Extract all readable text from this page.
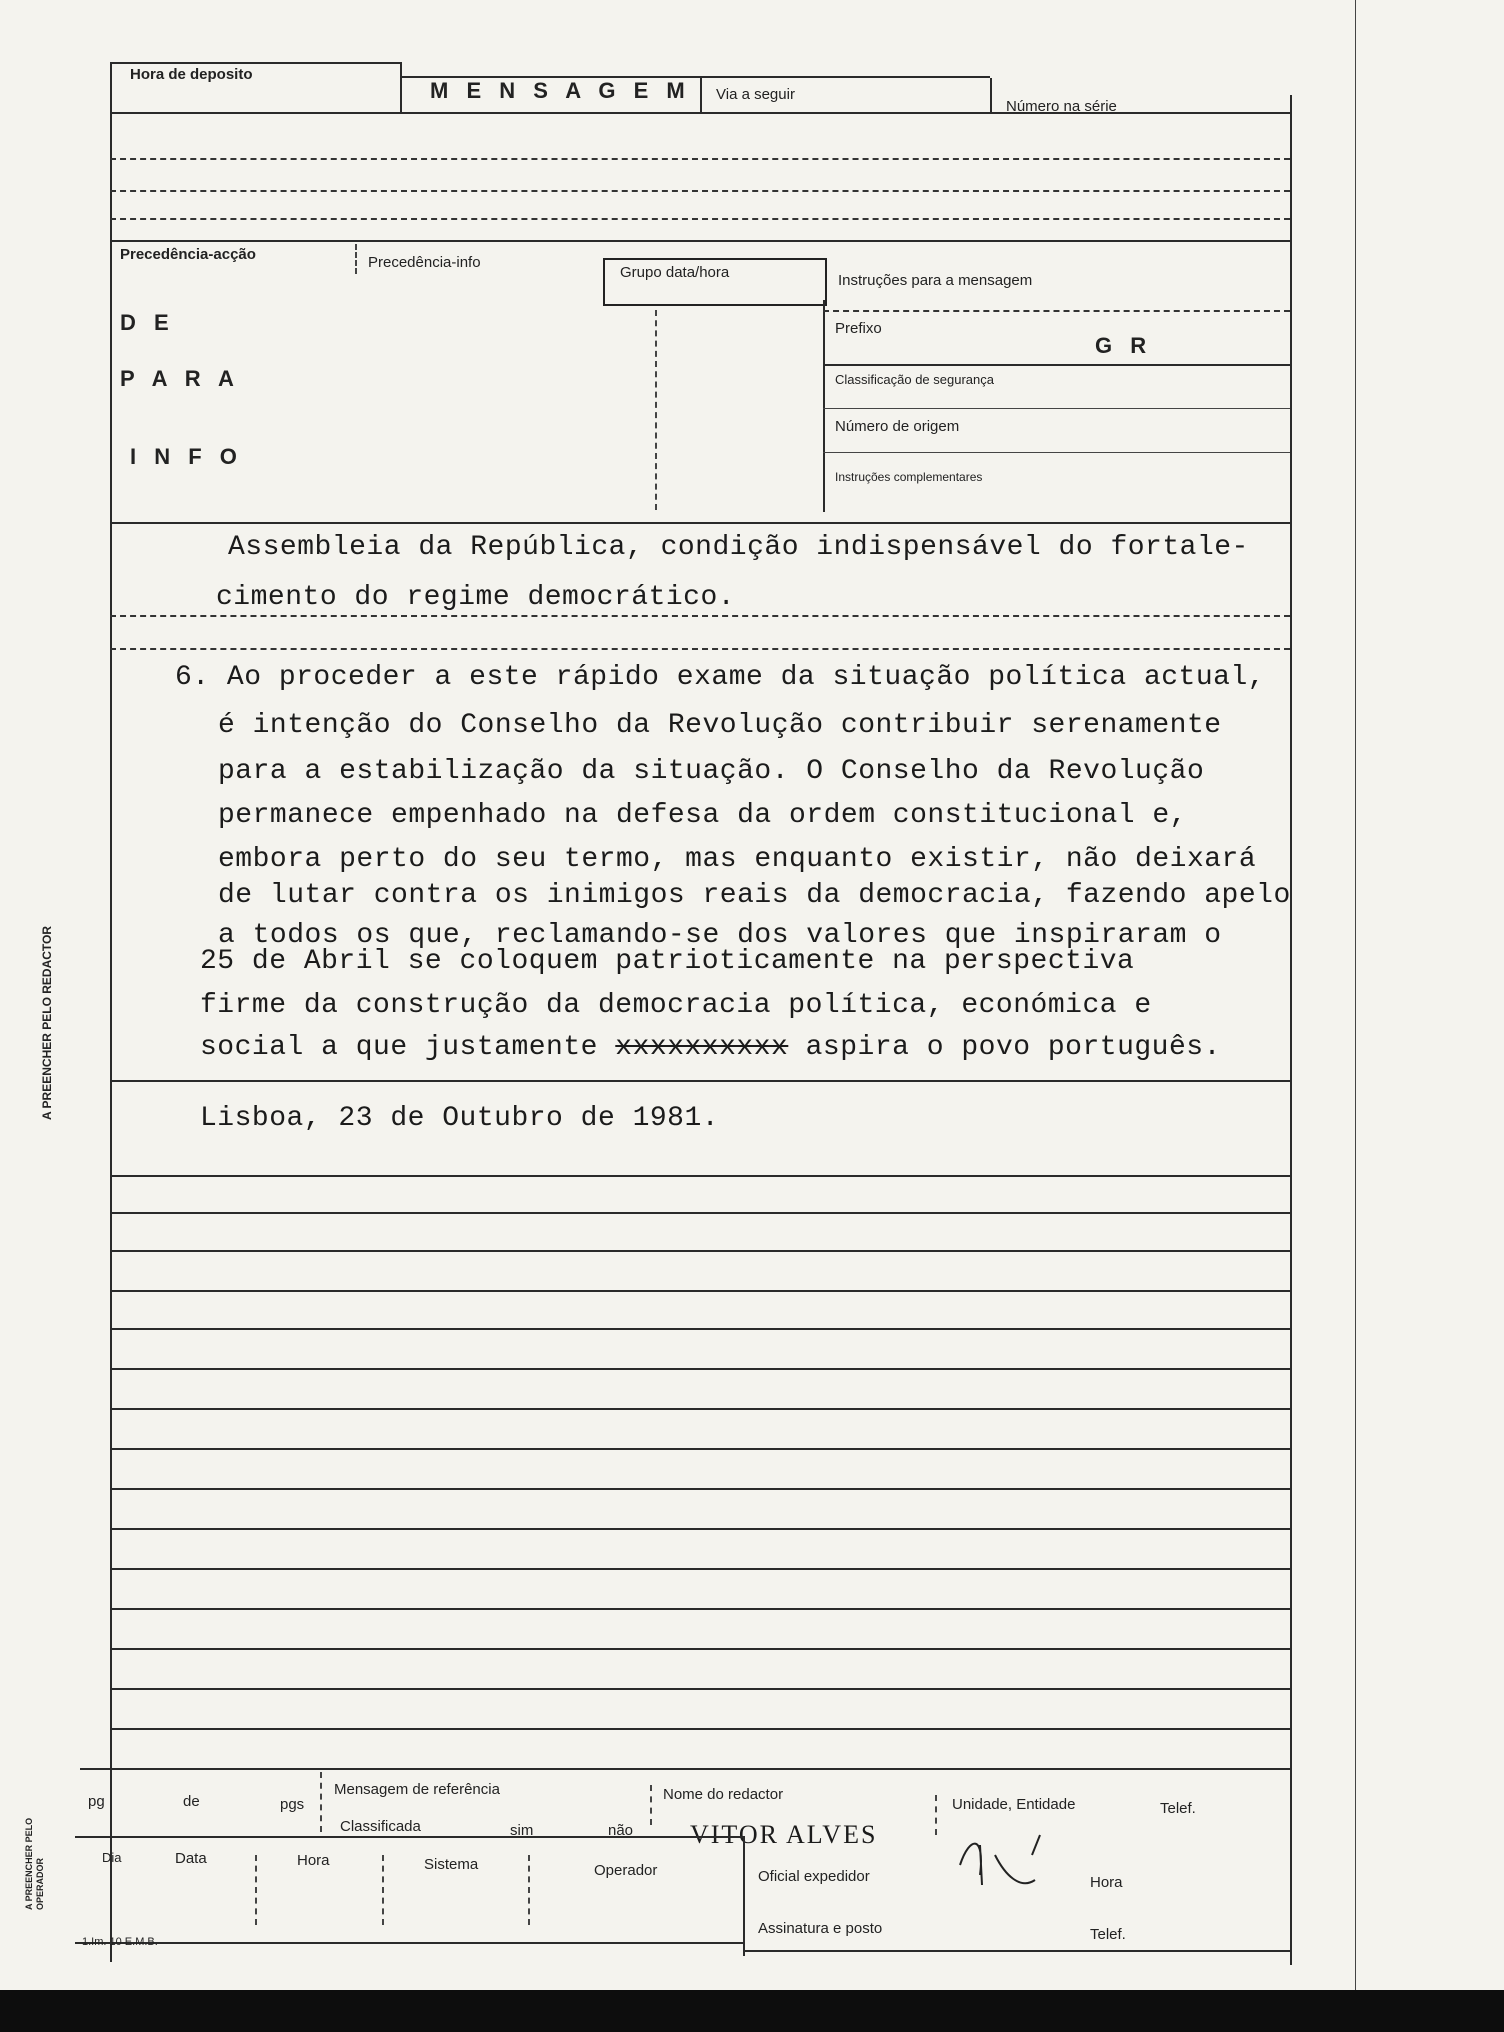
Hora de deposito
M E N S A G E M Via a seguir
Número na série
Precedência-acção	Precedência-info
Grupo data/hora	Instruções para a mensagem
Prefixo
G R
Classificação de segurança
Número de origem
Instruções complementares
D E
P A R A
I N F O
Assembleia da República, condição indispensável do fortale-
cimento do regime democrático.
6. Ao proceder a este rápido exame da situação política actual,
é intenção do Conselho da Revolução contribuir serenamente
para a estabilização da situação. O Conselho da Revolução
permanece empenhado na defesa da ordem constitucional e,
embora perto do seu termo, mas enquanto existir, não deixará
de lutar contra os inimigos reais da democracia, fazendo apelo
a todos os que, reclamando-se dos valores que inspiraram o
25 de Abril se coloquem patrioticamente na perspectiva
firme da construção da democracia política, económica e
social a que justamente xxxxxxxxxx aspira o povo português.
Lisboa, 23 de Outubro de 1981.
A PREENCHER PELO REDACTOR
A PREENCHER PELO OPERADOR
pg	de	pgs
Mensagem de referência
Classificada	sim	não
Nome do redactor
VITOR ALVES
Unidade, Entidade	Telef.
Dia	Data	Hora	Sistema	Operador	Oficial expedidor	Hora
Assinatura e posto	Telef.
1.Im. 10 E.M.B.
